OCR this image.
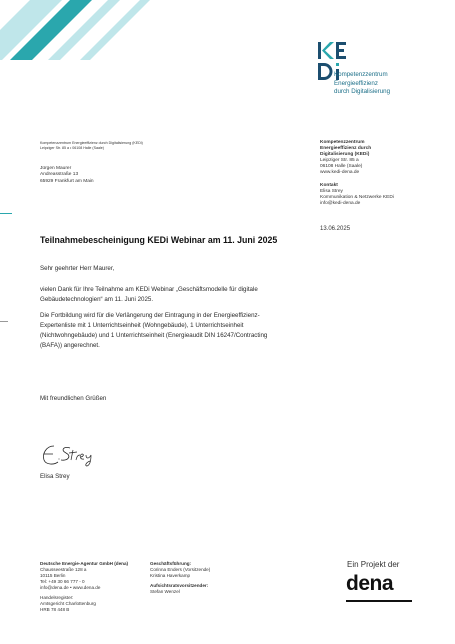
Kompetenzzentrum
Energieeffizienz
durch Digitalisierung
Kompetenzzentrum Energieeffizienz durch Digitalisierung (KEDi)
Leipziger Str. 85 a • 06108 Halle (Saale)
Jürgen Maurer
Andreasstraße 13
65929 Frankfurt am Main
Kompetenzzentrum
Energieeffizienz durch
Digitalisierung (KEDi)
Leipziger Str. 85 a
06108 Halle (Saale)
www.kedi-dena.de
Kontakt
Elisa Strey
Kommunikation & Netzwerke KEDi
info@kedi-dena.de
13.06.2025
Teilnahmebescheinigung KEDi Webinar am 11. Juni 2025
Sehr geehrter Herr Maurer,
vielen Dank für Ihre Teilnahme am KEDi Webinar „Geschäftsmodelle für digitale
Gebäudetechnologien“ am 11. Juni 2025.
Die Fortbildung wird für die Verlängerung der Eintragung in der Energieeffizienz-
Expertenliste mit 1 Unterrichtseinheit (Wohngebäude), 1 Unterrichtseinheit
(Nichtwohngebäude) und 1 Unterrichtseinheit (Energieaudit DIN 16247/Contracting
(BAFA)) angerechnet.
Mit freundlichen Grüßen
Elisa Strey
Deutsche Energie-Agentur GmbH (dena)
Chausseestraße 128 a
10115 Berlin
Tel: +49 30 66 777 - 0
info@dena.de • www.dena.de
Handelsregister:
Amtsgericht Charlottenburg
HRB 78 448 B
Geschäftsführung:
Corinna Enders (Vorsitzende)
Kristina Haverkamp
Aufsichtsratsvorsitzender:
Stefan Wenzel
Ein Projekt der
dena
